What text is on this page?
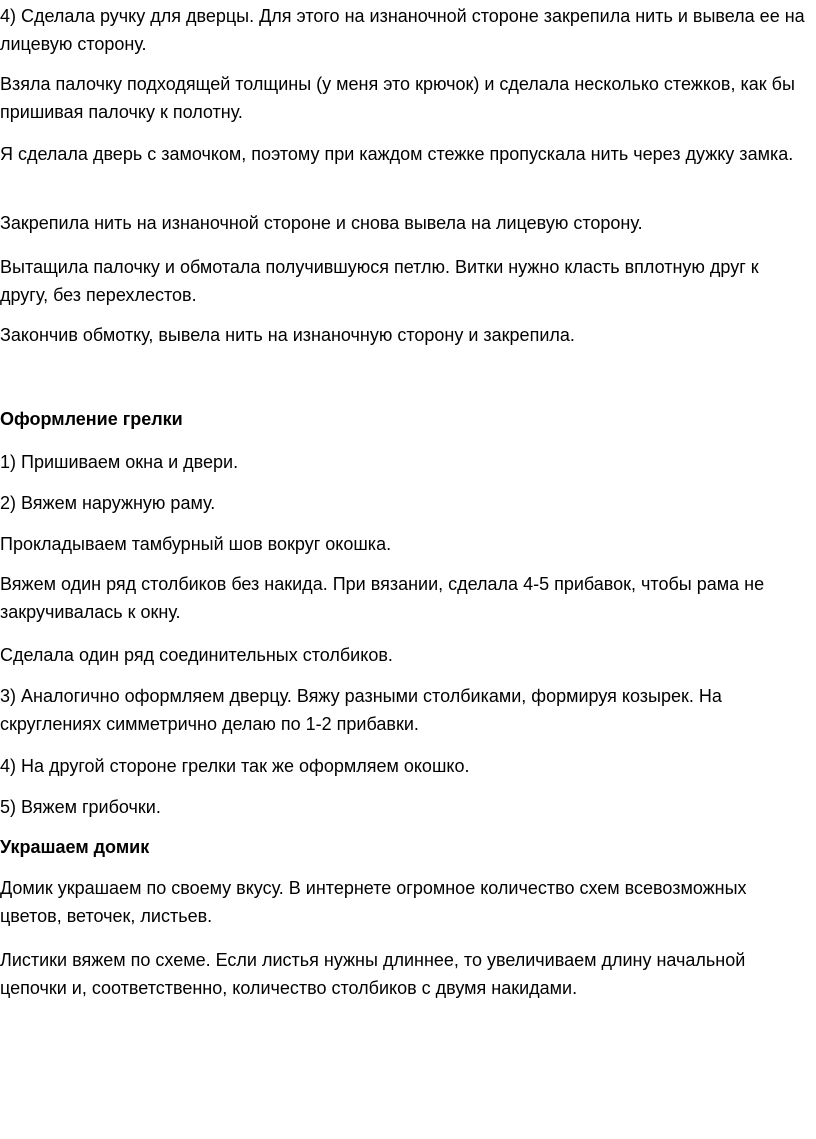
4) Сделала ручку для дверцы. Для этого на изнаночной стороне закрепила нить и вывела ее на лицевую сторону.

Взяла палочку подходящей толщины (у меня это крючок) и сделала несколько стежков, как бы пришивая палочку к полотну.

Я сделала дверь с замочком, поэтому при каждом стежке пропускала нить через дужку замка.

Закрепила нить на изнаночной стороне и снова вывела на лицевую сторону.

Вытащила палочку и обмотала получившуюся петлю. Витки нужно класть вплотную друг к другу, без перехлестов.

Закончив обмотку, вывела нить на изнаночную сторону и закрепила.

Оформление грелки

1) Пришиваем окна и двери.

2) Вяжем наружную раму.

Прокладываем тамбурный шов вокруг окошка.

Вяжем один ряд столбиков без накида. При вязании, сделала 4-5 прибавок, чтобы рама не закручивалась к окну.

Сделала один ряд соединительных столбиков.

3) Аналогично оформляем дверцу. Вяжу разными столбиками, формируя козырек. На скруглениях симметрично делаю по 1-2 прибавки.

4) На другой стороне грелки так же оформляем окошко.

5) Вяжем грибочки.

Украшаем домик

Домик украшаем по своему вкусу. В интернете огромное количество схем всевозможных цветов, веточек, листьев.

Листики вяжем по схеме. Если листья нужны длиннее, то увеличиваем длину начальной цепочки и, соответственно, количество столбиков с двумя накидами.
